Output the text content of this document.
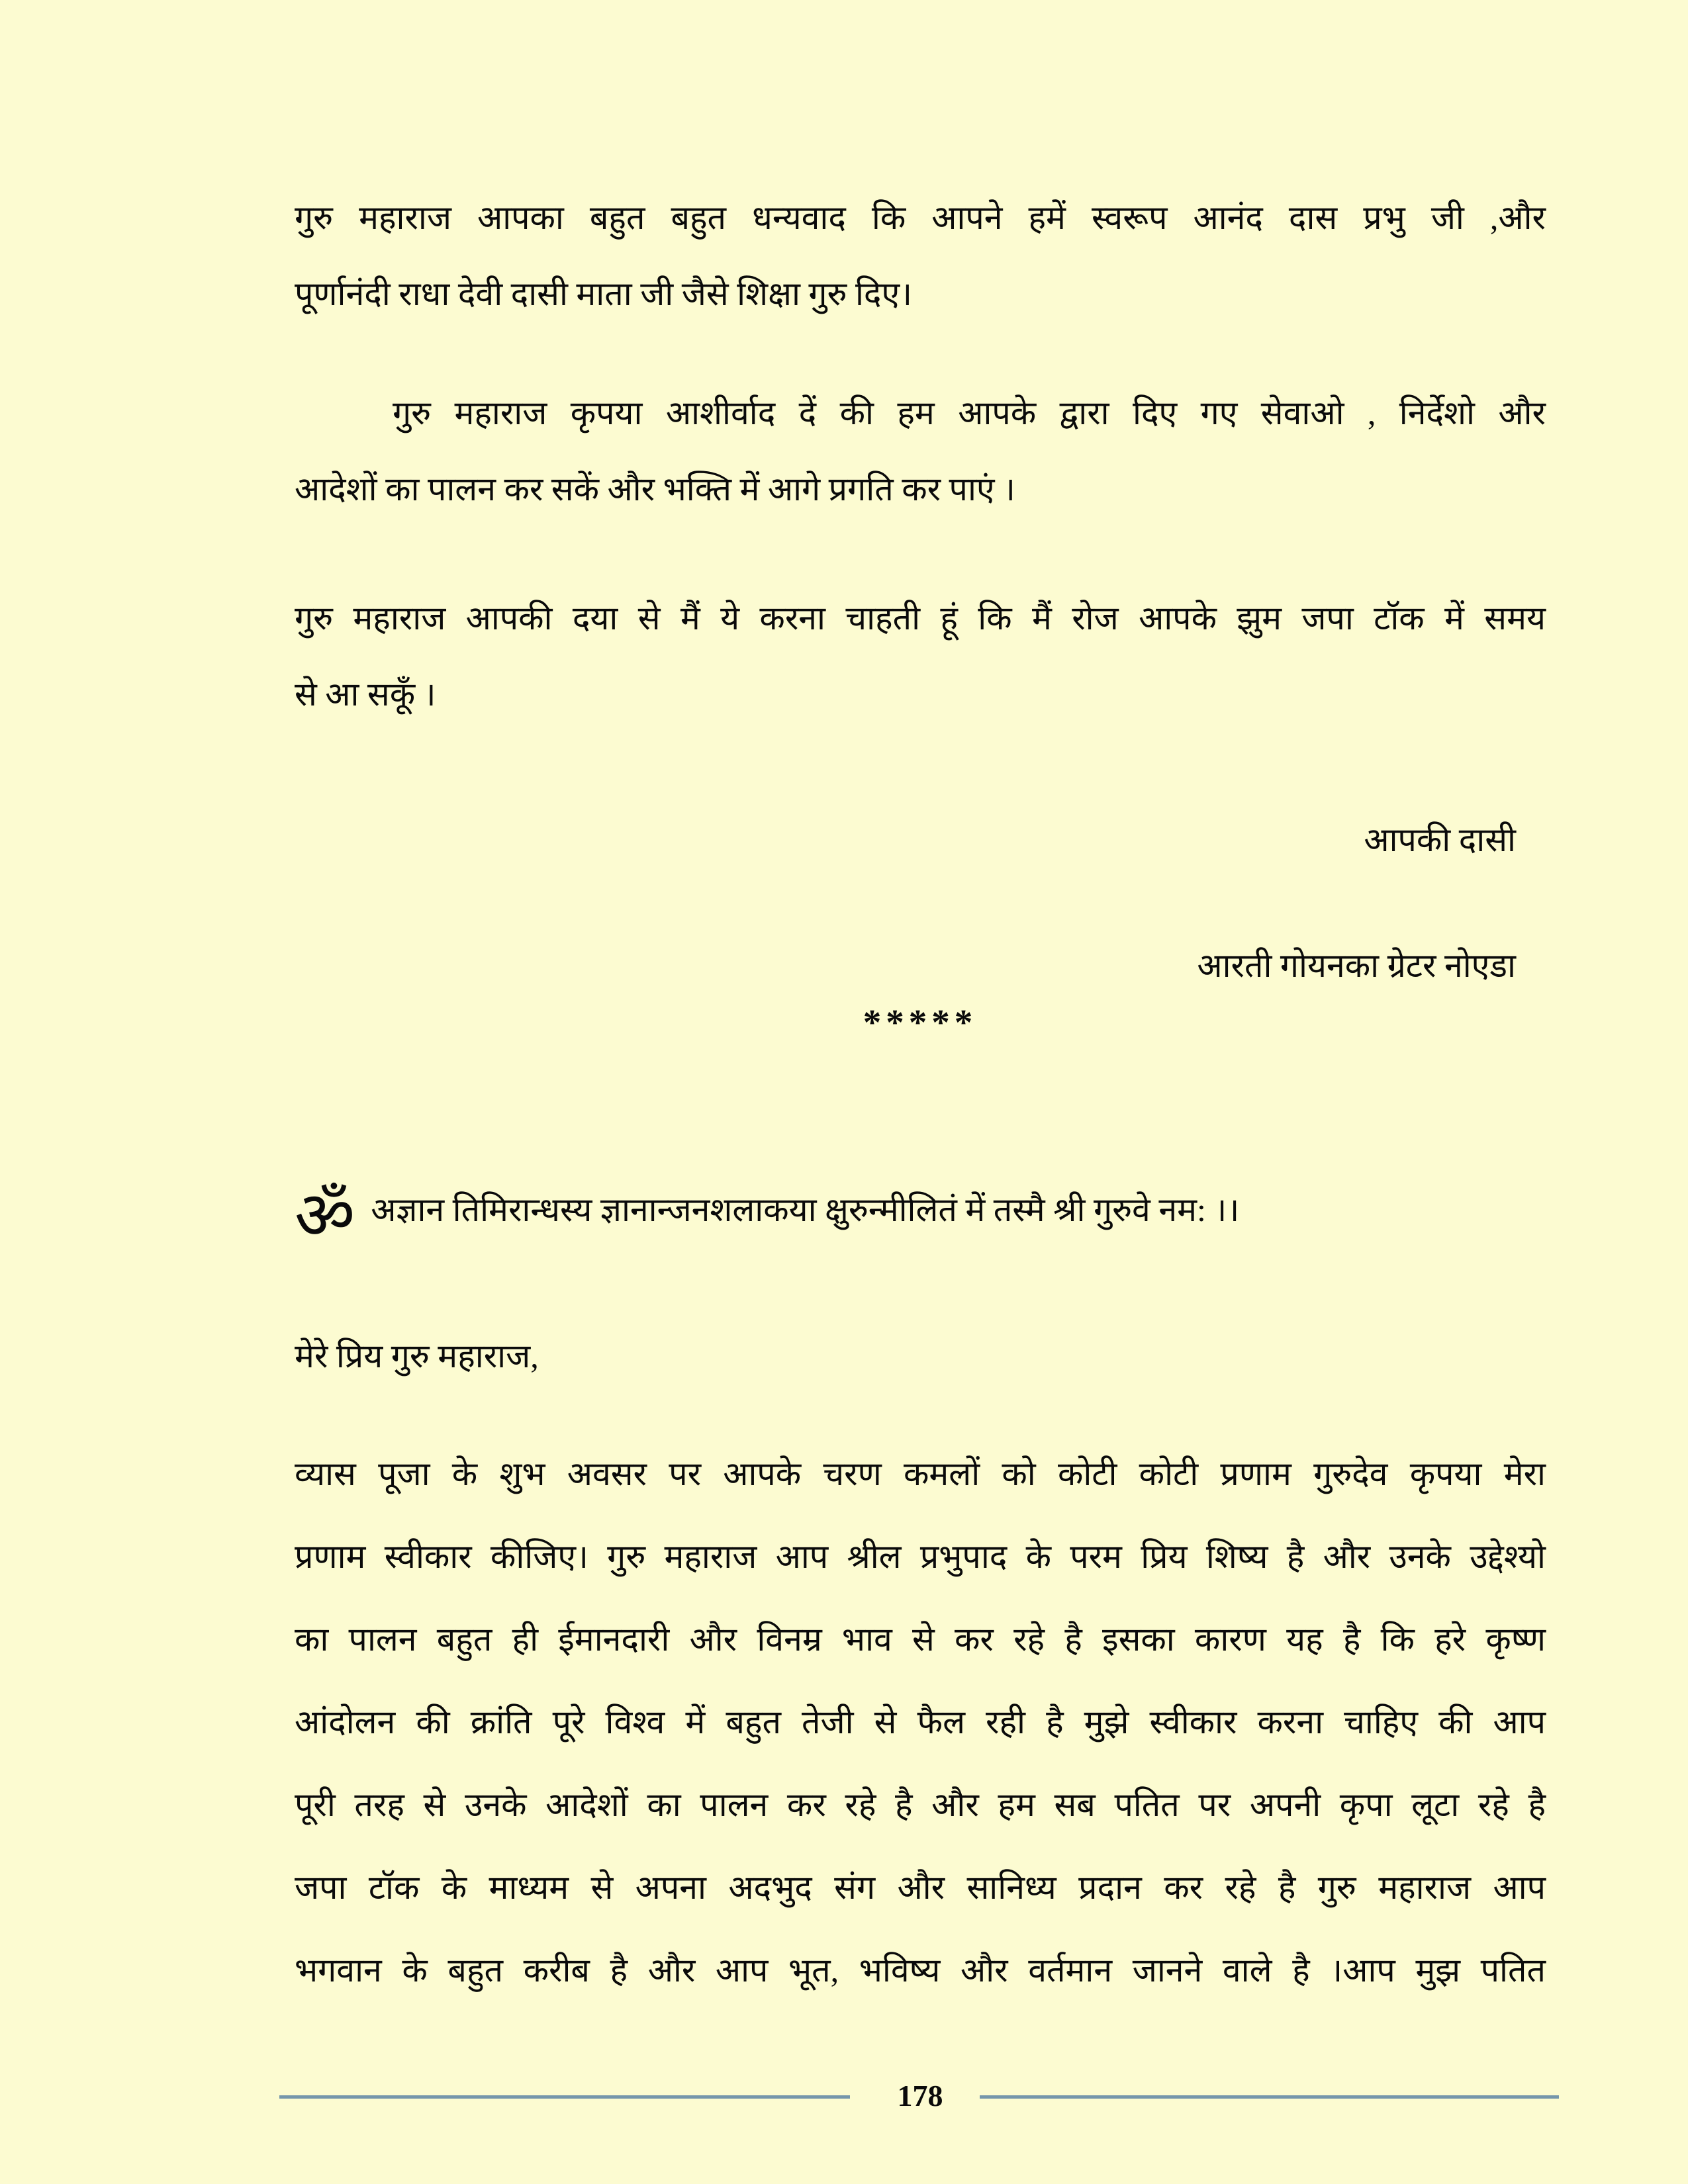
गुरु महाराज आपका बहुत बहुत धन्यवाद कि आपने हमें स्वरूप आनंद दास प्रभु जी ,और
पूर्णानंदी राधा देवी दासी माता जी जैसे शिक्षा गुरु दिए।
गुरु महाराज कृपया आशीर्वाद दें की हम आपके द्वारा दिए गए सेवाओ , निर्देशो और
आदेशों का पालन कर सकें और भक्ति में आगे प्रगति कर पाएं ।
गुरु महाराज आपकी दया से मैं ये करना चाहती हूं कि मैं रोज आपके झुम जपा टॉक में समय
से आ सकूँ ।
आपकी दासी
आरती गोयनका ग्रेटर नोएडा
*****
ॐ अज्ञान तिमिरान्धस्य ज्ञानान्जनशलाकया क्षुरुन्मीलितं में तस्मै श्री गुरुवे नम: ।।
मेरे प्रिय गुरु महाराज,
व्यास पूजा के शुभ अवसर पर आपके चरण कमलों को कोटी कोटी प्रणाम गुरुदेव कृपया मेरा
प्रणाम स्वीकार कीजिए। गुरु महाराज आप श्रील प्रभुपाद के परम प्रिय शिष्य है और उनके उद्देश्यो
का पालन बहुत ही ईमानदारी और विनम्र भाव से कर रहे है इसका कारण यह है कि हरे कृष्ण
आंदोलन की क्रांति पूरे विश्व में बहुत तेजी से फैल रही है मुझे स्वीकार करना चाहिए की आप
पूरी तरह से उनके आदेशों का पालन कर रहे है और हम सब पतित पर अपनी कृपा लूटा रहे है
जपा टॉक के माध्यम से अपना अदभुद संग और सानिध्य प्रदान कर रहे है गुरु महाराज आप
भगवान के बहुत करीब है और आप भूत, भविष्य और वर्तमान जानने वाले है ।आप मुझ पतित
178
